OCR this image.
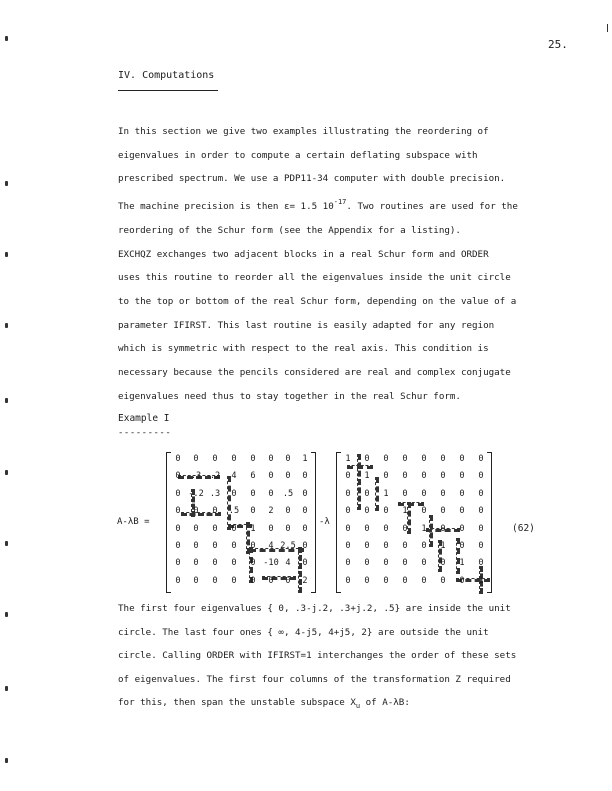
25.
IV. Computations
In this section we give two examples illustrating the reordering of
eigenvalues in order to compute a certain deflating subspace with
prescribed spectrum. We use a PDP11-34 computer with double precision.
The machine precision is then ε= 1.5 $10^{-17}$. Two routines are used for the
reordering of the Schur form (see the Appendix for a listing).
EXCHQZ exchanges two adjacent blocks in a real Schur form and ORDER
uses this routine to reorder all the eigenvalues inside the unit circle
to the top or bottom of the real Schur form, depending on the value of a
parameter IFIRST. This last routine is easily adapted for any region
which is symmetric with respect to the real axis. This condition is
necessary because the pencils considered are real and complex conjugate
eigenvalues need thus to stay together in the real Schur form.
Example I
---------
A-λB =
0	0	0	0	0	0	0	1
0	.3	.2	4	6	0	0	0
0 -.2 .3	0	0	0	.5	0
0	0	0	.5	0	2	0	0
0	0	0	0	1	0	0	0
0	0	0	0	0	4 2.5 0
0	0	0	0	0 -10 4	0
0	0	0	0	0	0	0	2
-λ
1	0	0	0	0	0	0	0
0	1	0	0	0	0	0	0
0	0	1	0	0	0	0	0
0	0	0	1	0	0	0	0
0	0	0	0	1	0	0	0
0	0	0	0	0	1	0	0
0	0	0	0	0	0	1	0
0	0	0	0	0	0	0	1
(62)
The first four eigenvalues { 0, .3-j.2, .3+j.2, .5} are inside the unit
circle. The last four ones { ∞, 4-j5, 4+j5, 2} are outside the unit
circle. Calling ORDER with IFIRST=1 interchanges the order of these sets
of eigenvalues. The first four columns of the transformation Z required
for this, then span the unstable subspace $X_u$ of A-λB:
